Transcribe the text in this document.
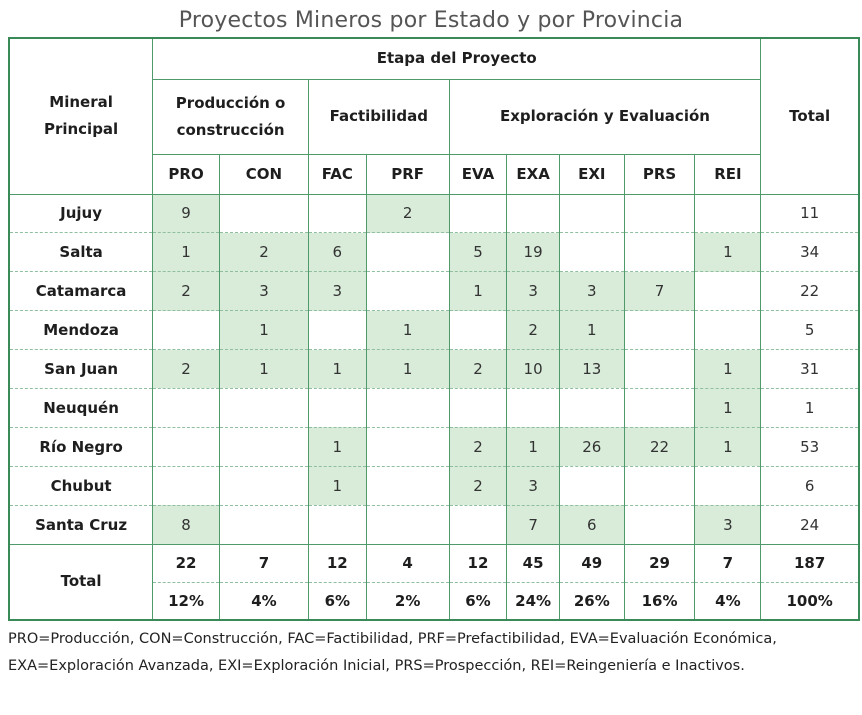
Proyectos Mineros por Estado y por Provincia
Mineral
Principal	Etapa del Proyecto									Total
	Producción o
construcción		Factibilidad		Exploración y Evaluación					
	PRO	CON	FAC	PRF	EVA	EXA	EXI	PRS	REI	
Jujuy	9			2						11
Salta	1	2	6		5	19			1	34
Catamarca	2	3	3		1	3	3	7		22
Mendoza		1		1		2	1			5
San Juan	2	1	1	1	2	10	13		1	31
Neuquén									1	1
Río Negro			1		2	1	26	22	1	53
Chubut			1		2	3				6
Santa Cruz	8					7	6		3	24
Total	22	7	12	4	12	45	49	29	7	187
	12%	4%	6%	2%	6%	24%	26%	16%	4%	100%
PRO=Producción, CON=Construcción, FAC=Factibilidad, PRF=Prefactibilidad, EVA=Evaluación Económica, EXA=Exploración Avanzada, EXI=Exploración Inicial, PRS=Prospección, REI=Reingeniería e Inactivos.
